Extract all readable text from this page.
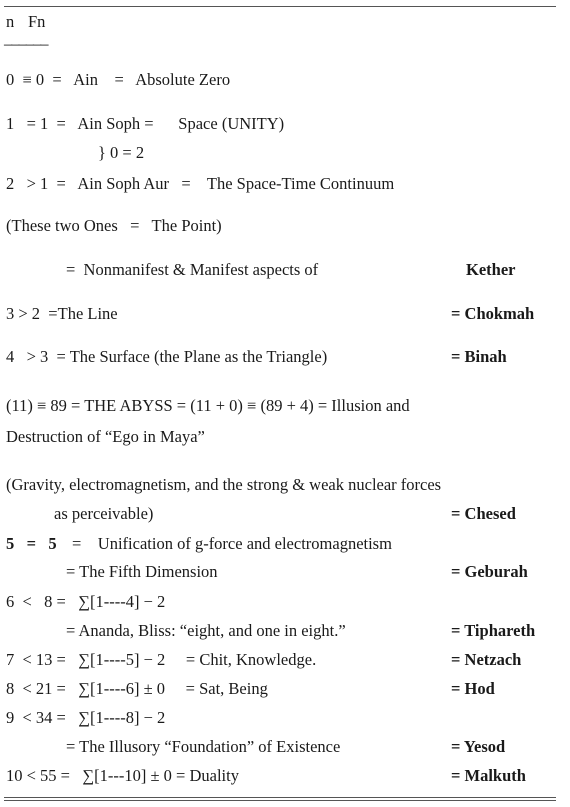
n Fn
––––––
0  ≡ 0  =   Ain    =   Absolute Zero
1   = 1  =   Ain Soph =      Space (UNITY)
} 0 = 2
2   > 1  =   Ain Soph Aur   =    The Space-Time Continuum
(These two Ones   =   The Point)
=  Nonmanifest & Manifest aspects of	Kether
3 > 2  =The Line	= Chokmah
4   > 3  = The Surface (the Plane as the Triangle)	= Binah
(11) ≡ 89 = THE ABYSS = (11 + 0) ≡ (89 + 4) = Illusion and
Destruction of “Ego in Maya”
(Gravity, electromagnetism, and the strong & weak nuclear forces
as perceivable)	= Chesed
5   =   5 =    Unification of g-force and electromagnetism
= The Fifth Dimension	= Geburah
6  <   8 =   ∑[1----4] − 2
= Ananda, Bliss: “eight, and one in eight.”	= Tiphareth
7  < 13 =   ∑[1----5] − 2     = Chit, Knowledge.	= Netzach
8  < 21 =   ∑[1----6] ± 0     = Sat, Being	= Hod
9  < 34 =   ∑[1----8] − 2
= The Illusory “Foundation” of Existence	= Yesod
10 < 55 =   ∑[1---10] ± 0 = Duality	= Malkuth
